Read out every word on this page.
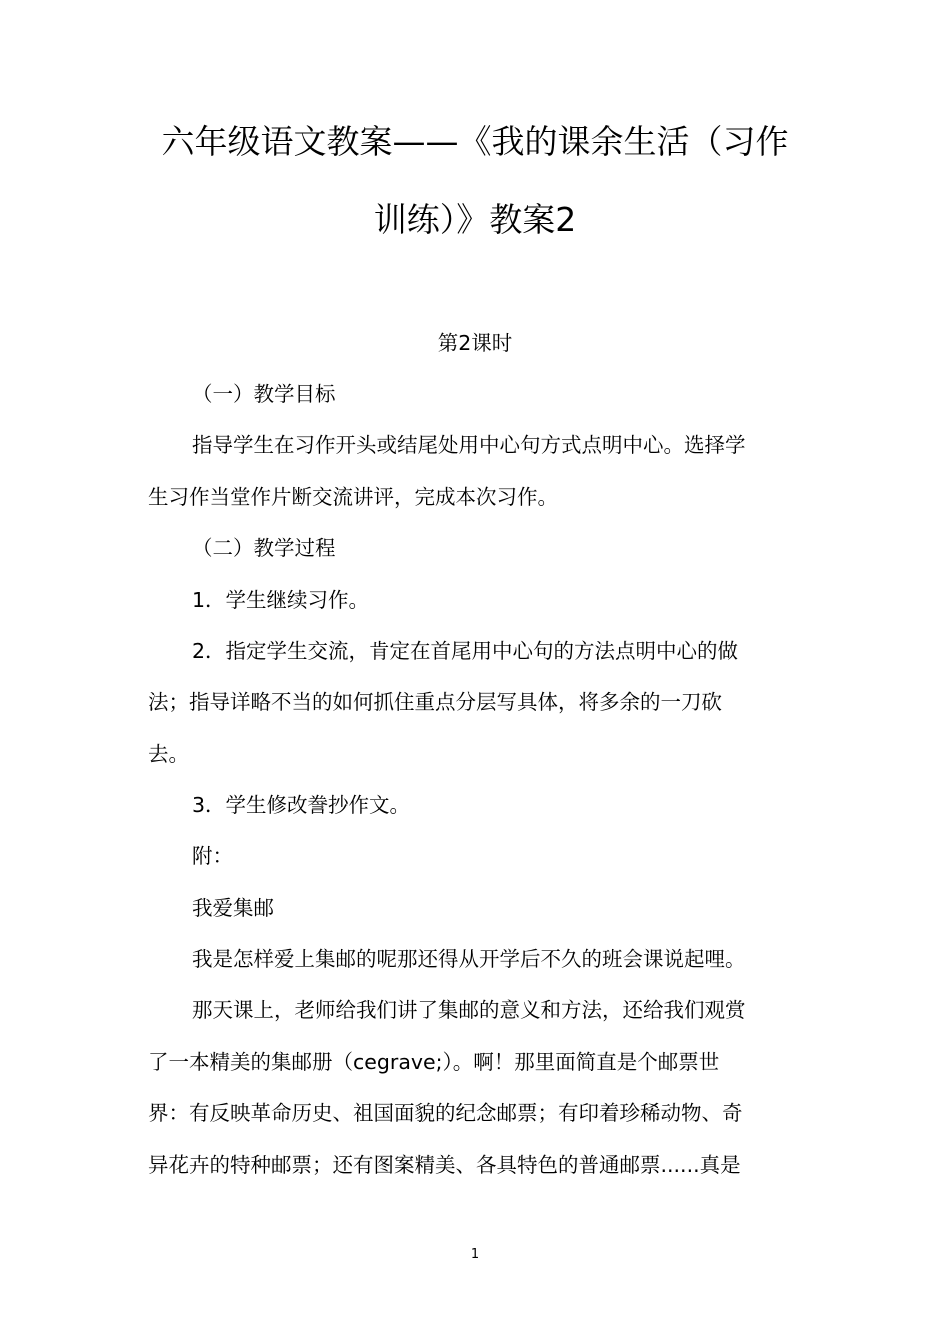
六年级语文教案——《我的课余生活（习作
训练）》教案2

第2课时

（一）教学目标

指导学生在习作开头或结尾处用中心句方式点明中心。选择学

生习作当堂作片断交流讲评，完成本次习作。

（二）教学过程

1．学生继续习作。

2．指定学生交流，肯定在首尾用中心句的方法点明中心的做

法；指导详略不当的如何抓住重点分层写具体，将多余的一刀砍

去。

3．学生修改誊抄作文。

附：

我爱集邮

我是怎样爱上集邮的呢那还得从开学后不久的班会课说起哩。

那天课上，老师给我们讲了集邮的意义和方法，还给我们观赏

了一本精美的集邮册（cegrave;）。啊！那里面简直是个邮票世

界：有反映革命历史、祖国面貌的纪念邮票；有印着珍稀动物、奇

异花卉的特种邮票；还有图案精美、各具特色的普通邮票......真是

1
